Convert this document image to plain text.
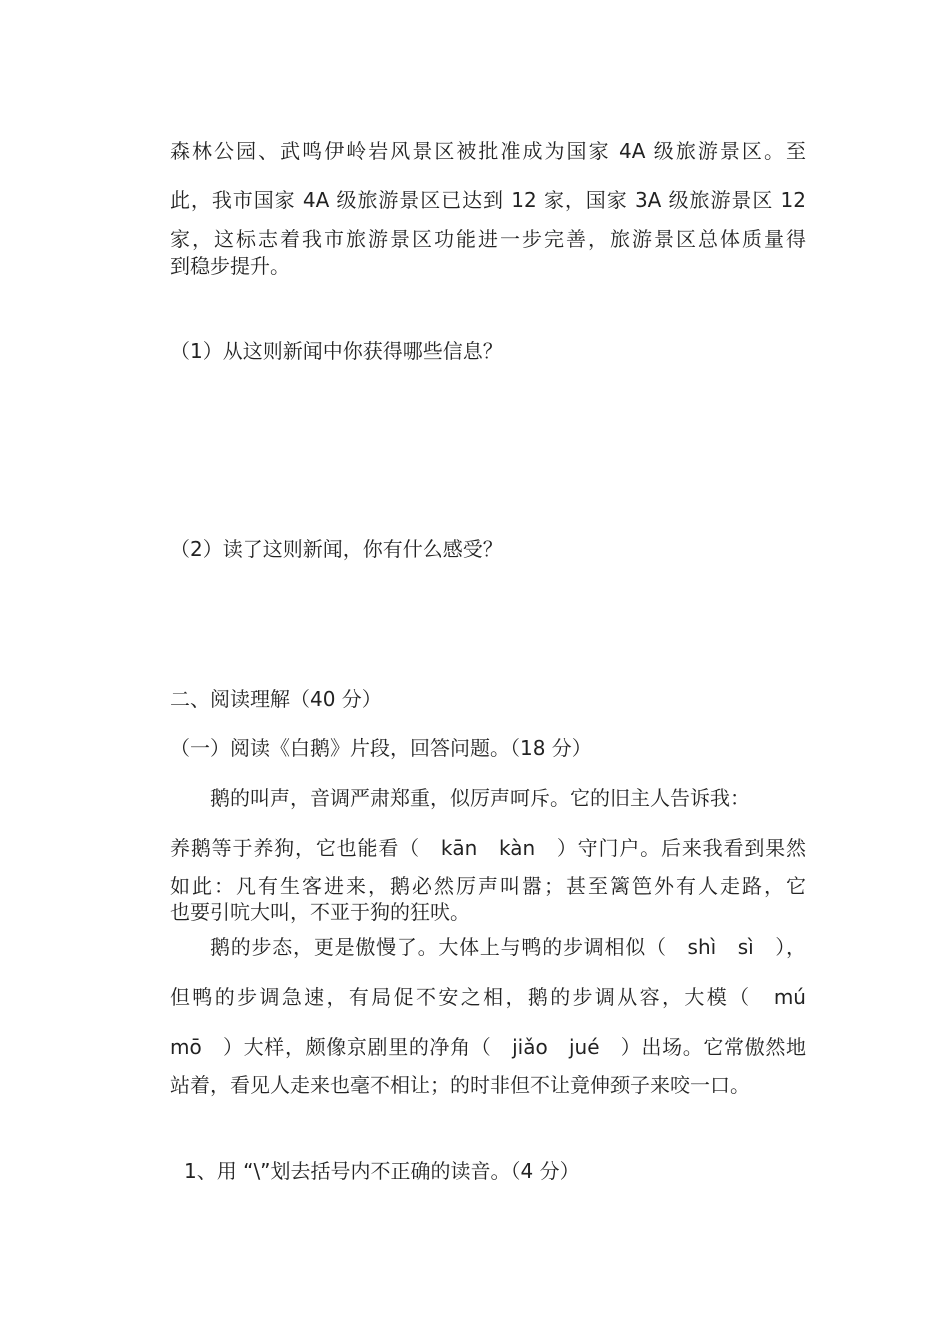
森林公园、武鸣伊岭岩风景区被批准成为国家 4A 级旅游景区。至
此，我市国家 4A 级旅游景区已达到 12 家，国家 3A 级旅游景区 12
家，这标志着我市旅游景区功能进一步完善，旅游景区总体质量得
到稳步提升。
（1）从这则新闻中你获得哪些信息？
（2）读了这则新闻，你有什么感受？
二、阅读理解（40 分）
（一）阅读《白鹅》片段，回答问题。（18 分）
鹅的叫声，音调严肃郑重，似厉声呵斥。它的旧主人告诉我：
养鹅等于养狗，它也能看（　kān　kàn　）守门户。后来我看到果然
如此：凡有生客进来，鹅必然厉声叫嚣；甚至篱笆外有人走路，它
也要引吭大叫，不亚于狗的狂吠。
鹅的步态，更是傲慢了。大体上与鸭的步调相似（　shì　sì　），
但鸭的步调急速，有局促不安之相，鹅的步调从容，大模（　mú
mō　）大样，颇像京剧里的净角（　jiǎo　jué　）出场。它常傲然地
站着，看见人走来也毫不相让；的时非但不让竟伸颈子来咬一口。
1、用 “\”划去括号内不正确的读音。（4 分）
